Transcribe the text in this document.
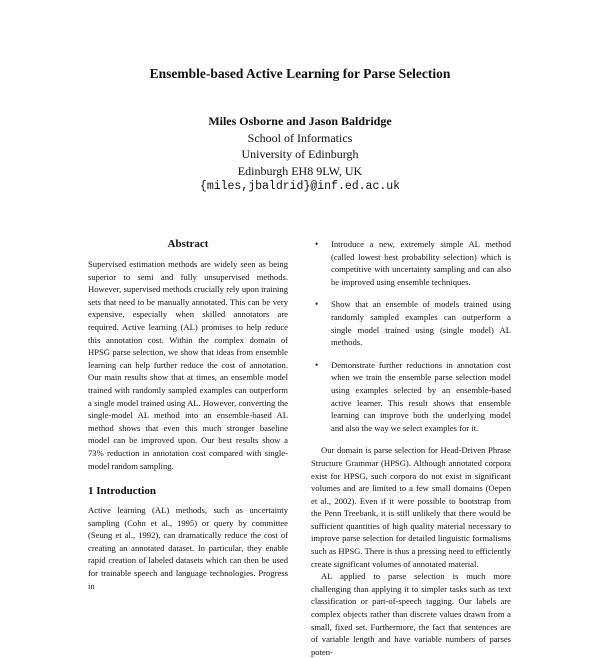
Ensemble-based Active Learning for Parse Selection
Miles Osborne and Jason Baldridge
School of Informatics
University of Edinburgh
Edinburgh EH8 9LW, UK
{miles,jbaldrid}@inf.ed.ac.uk
Abstract

Supervised estimation methods are widely seen as being superior to semi and fully unsupervised methods. However, supervised methods crucially rely upon training sets that need to be manually annotated. This can be very expensive, especially when skilled annotators are required. Active learning (AL) promises to help reduce this annotation cost. Within the complex domain of HPSG parse selection, we show that ideas from ensemble learning can help further reduce the cost of annotation. Our main results show that at times, an ensemble model trained with randomly sampled examples can outperform a single model trained using AL. However, converting the single-model AL method into an ensemble-based AL method shows that even this much stronger baseline model can be improved upon. Our best results show a 73% reduction in annotation cost compared with single-model random sampling.

1 Introduction

Active learning (AL) methods, such as uncertainty sampling (Cohn et al., 1995) or query by committee (Seung et al., 1992), can dramatically reduce the cost of creating an annotated dataset. In particular, they enable rapid creation of labeled datasets which can then be used for trainable speech and language technologies. Progress in

• Introduce a new, extremely simple AL method (called lowest best probability selection) which is competitive with uncertainty sampling and can also be improved using ensemble techniques.
• Show that an ensemble of models trained using randomly sampled examples can outperform a single model trained using (single model) AL methods.
• Demonstrate further reductions in annotation cost when we train the ensemble parse selection model using examples selected by an ensemble-based active learner. This result shows that ensemble learning can improve both the underlying model and also the way we select examples for it.

Our domain is parse selection for Head-Driven Phrase Structure Grammar (HPSG). Although annotated corpora exist for HPSG, such corpora do not exist in significant volumes and are limited to a few small domains (Oepen et al., 2002). Even if it were possible to bootstrap from the Penn Treebank, it is still unlikely that there would be sufficient quantities of high quality material necessary to improve parse selection for detailed linguistic formalisms such as HPSG. There is thus a pressing need to efficiently create significant volumes of annotated material.

AL applied to parse selection is much more challenging than applying it to simpler tasks such as text classification or part-of-speech tagging. Our labels are complex objects rather than discrete values drawn from a small, fixed set. Furthermore, the fact that sentences are of variable length and have variable numbers of parses poten-
